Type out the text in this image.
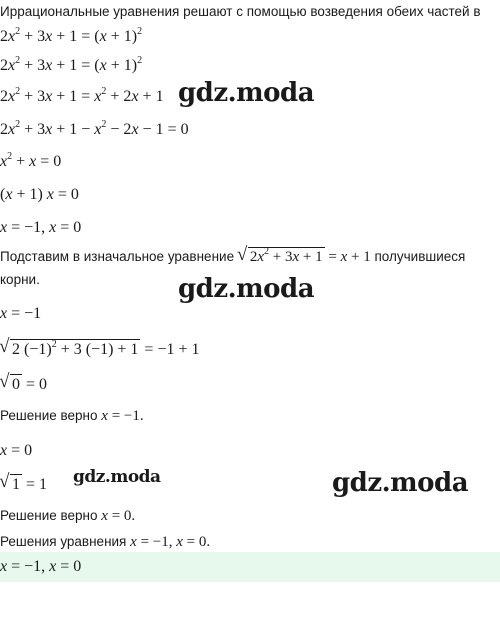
Иррациональные уравнения решают с помощью возведения обеих частей в
$2x^2 + 3x + 1 = (x + 1)^2$
$2x^2 + 3x + 1 = (x + 1)^2$
$2x^2 + 3x + 1 = x^2 + 2x + 1$ gdz.moda
$2x^2 + 3x + 1 - x^2 - 2x - 1 = 0$
$x^2 + x = 0$
(x + 1) x = 0
x = −1, x = 0
Подставим в изначальное уравнение √ $2x^2 + 3x + 1 = x + 1$ получившиеся
корни.	gdz.moda
x = −1
√ 2 $(-1)^2 + 3$ (−1) + 1 = −1 + 1
√ 0 = 0
Решение верно x = −1.
x = 0
√ 1 = 1 gdz.moda	gdz.moda
Решение верно x = 0.
Решения уравнения x = −1, x = 0.
x = −1, x = 0
